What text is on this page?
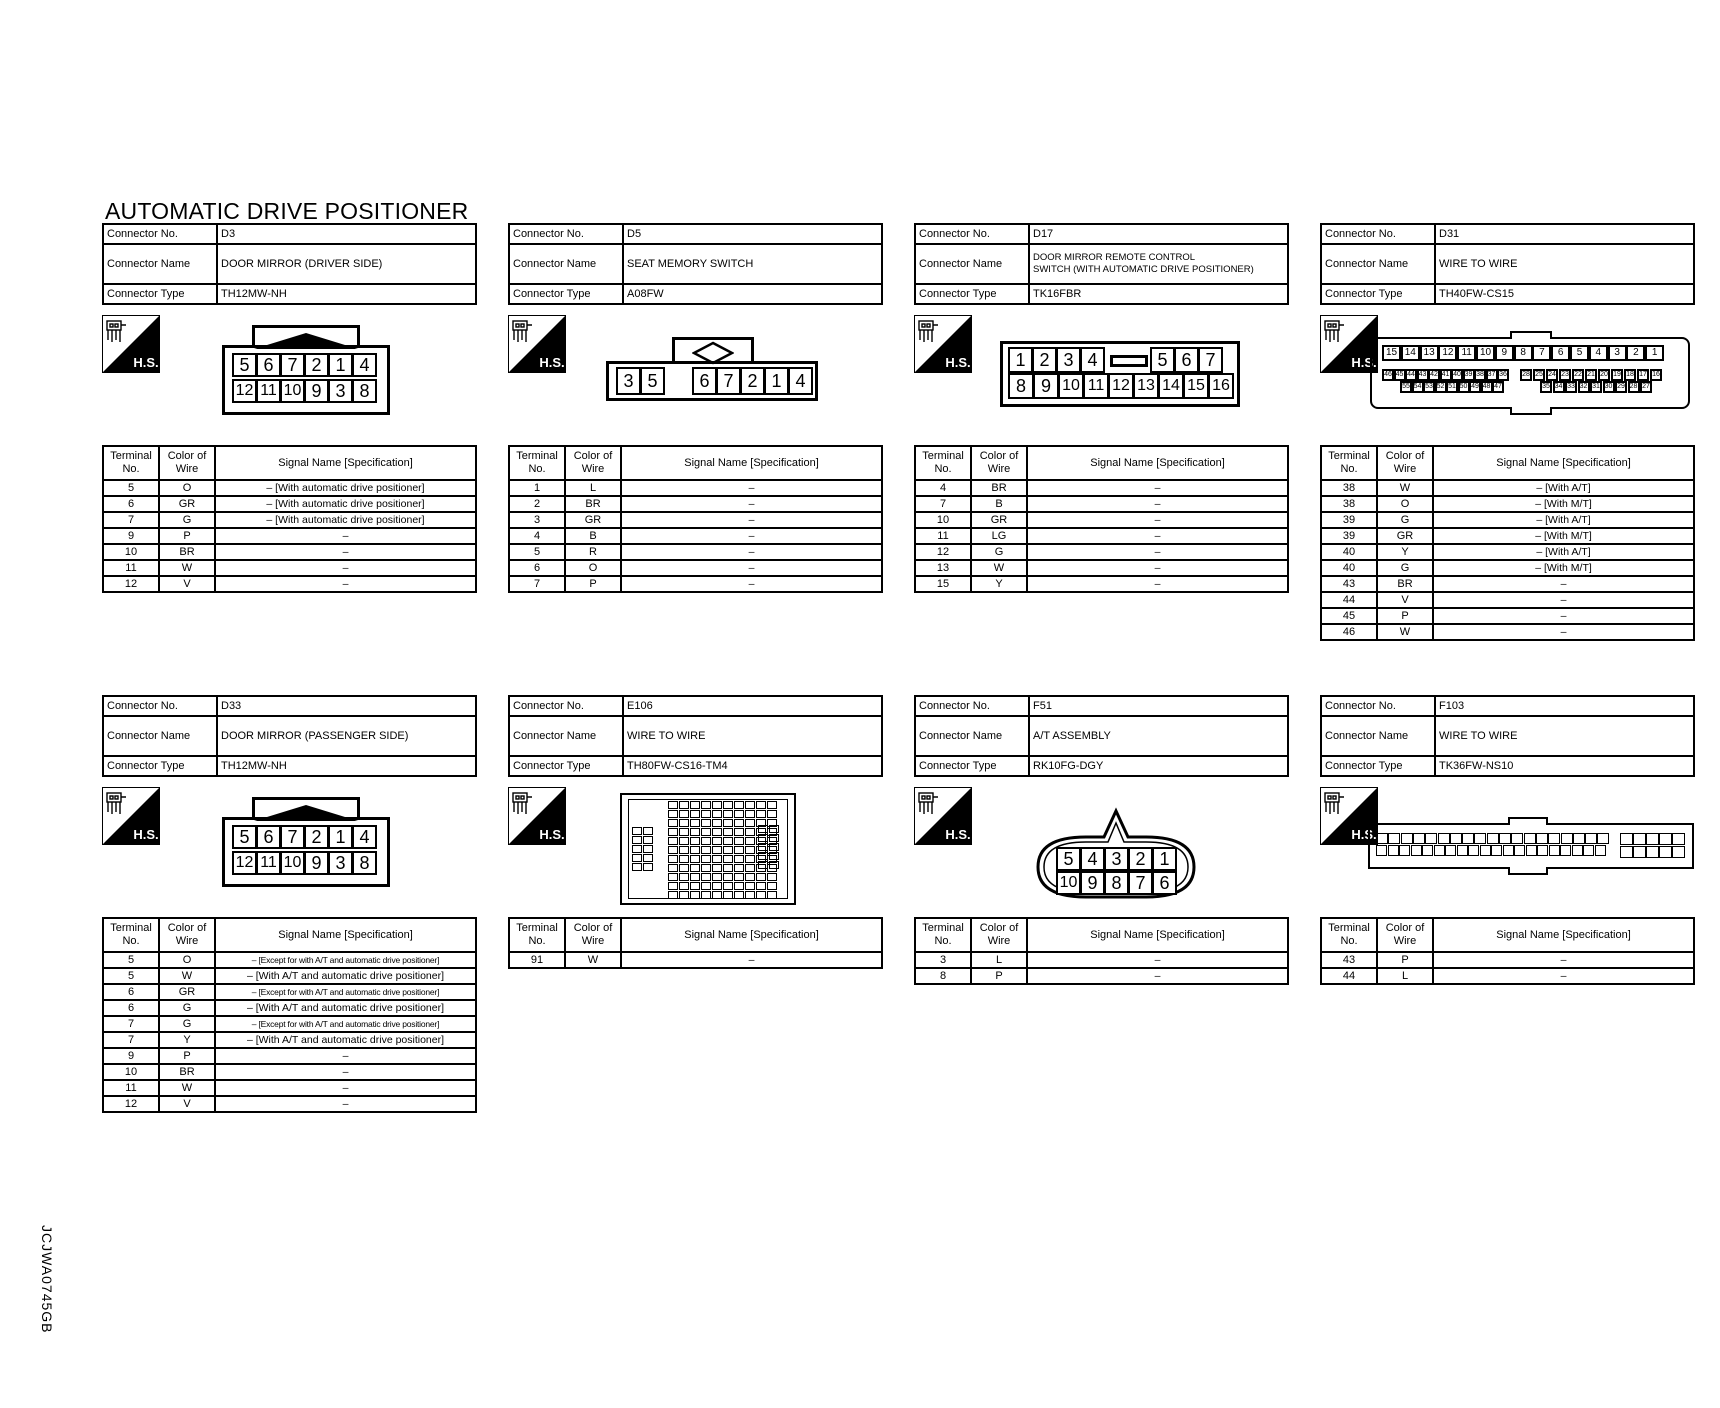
AUTOMATIC DRIVE POSITIONER
JCJWA0745GB
Connector No.	D3
Connector Name	DOOR MIRROR (DRIVER SIDE)
Connector Type	TH12MW-NH
H.S.	5 6 7 2 1 4
12 11 10 9 3 8
Terminal No.	Color of Wire	Signal Name [Specification]
5	O	– [With automatic drive positioner]
6	GR	– [With automatic drive positioner]
7	G	– [With automatic drive positioner]
9	P	–
10	BR	–
11	W	–
12	V	–
Connector No.	D5
Connector Name	SEAT MEMORY SWITCH
Connector Type	A08FW
H.S.
3 5	6 7 2 1 4
Terminal No.	Color of Wire	Signal Name [Specification]
1	L	–
2	BR	–
3	GR	–
4	B	–
5	R	–
6	O	–
7	P	–
Connector No.	D17
Connector Name	DOOR MIRROR REMOTE CONTROL
SWITCH (WITH AUTOMATIC DRIVE POSITIONER)

Connector Type	TK16FBR
H.S.	1 2 3 4	5 6 7
8 9 10 11 12 13 14 15 16
Terminal No.	Color of Wire	Signal Name [Specification]
4	BR	–
7	B	–
10	GR	–
11	LG	–
12	G	–
13	W	–
15	Y	–
Connector No.	D31
Connector Name	WIRE TO WIRE
Connector Type	TH40FW-CS15
H.S.
15 14 13 12 11 10	9	8	7	6	5	4	3	2	1
46 45 44 43 42 41 40 39 38 37 36	28 25 24 23 22 21 20 19 18 17 16
55 54 53 52 51 50 49 48 47	35 34 33 32 31 30 29 28 27
Terminal No.	Color of Wire	Signal Name [Specification]
38	W	– [With A/T]
38	O	– [With M/T]
39	G	– [With A/T]
39	GR	– [With M/T]
40	Y	– [With A/T]
40	G	– [With M/T]
43	BR	–
44	V	–
45	P	–
46	W	–
Connector No.	D33
Connector Name	DOOR MIRROR (PASSENGER SIDE)
Connector Type	TH12MW-NH
H.S.	5 6 7 2 1 4
12 11 10 9 3 8
Terminal No.	Color of Wire	Signal Name [Specification]
5	O	– [Except for with A/T and automatic drive positioner]
5	W	– [With A/T and automatic drive positioner]
6	GR	– [Except for with A/T and automatic drive positioner]
6	G	– [With A/T and automatic drive positioner]
7	G	– [Except for with A/T and automatic drive positioner]
7	Y	– [With A/T and automatic drive positioner]
9	P	–
10	BR	–
11	W	–
12	V	–
Connector No.	E106
Connector Name	WIRE TO WIRE
Connector Type	TH80FW-CS16-TM4
H.S.
Terminal No.	Color of Wire	Signal Name [Specification]
91	W	–
Connector No.	F51
Connector Name	A/T ASSEMBLY
Connector Type	RK10FG-DGY
H.S.
5 4 3 2 1
10 9 8 7 6
Terminal No.	Color of Wire	Signal Name [Specification]
3	L	–
8	P	–
Connector No.	F103
Connector Name	WIRE TO WIRE
Connector Type	TK36FW-NS10
H.S.
Terminal No.	Color of Wire	Signal Name [Specification]
43	P	–
44	L	–
